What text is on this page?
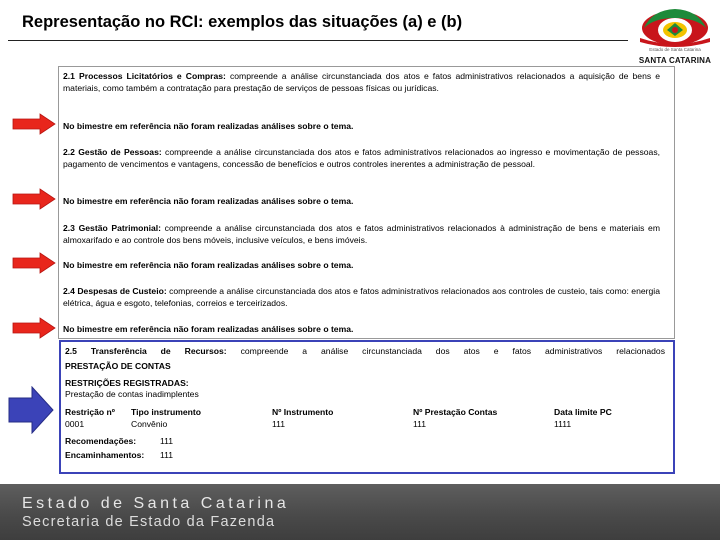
Representação no RCI: exemplos das situações (a) e (b)
Estado de Santa Catarina
SANTA CATARINA
2.1 Processos Licitatórios e Compras: compreende a análise circunstanciada dos atos e fatos administrativos relacionados a aquisição de bens e materiais, como também a contratação para prestação de serviços de pessoas físicas ou jurídicas.
No bimestre em referência não foram realizadas análises sobre o tema.
2.2 Gestão de Pessoas: compreende a análise circunstanciada dos atos e fatos administrativos relacionados ao ingresso e movimentação de pessoas, pagamento de vencimentos e vantagens, concessão de benefícios e outros controles inerentes a administração de pessoal.
No bimestre em referência não foram realizadas análises sobre o tema.
2.3 Gestão Patrimonial: compreende a análise circunstanciada dos atos e fatos administrativos relacionados à administração de bens e materiais em almoxarifado e ao controle dos bens móveis, inclusive veículos, e bens imóveis.
No bimestre em referência não foram realizadas análises sobre o tema.
2.4 Despesas de Custeio: compreende a análise circunstanciada dos atos e fatos administrativos relacionados aos controles de custeio, tais como: energia elétrica, água e esgoto, telefonias, correios e terceirizados.
No bimestre em referência não foram realizadas análises sobre o tema.
2.5 Transferência de Recursos: compreende a análise circunstanciada dos atos e fatos administrativos relacionados
PRESTAÇÃO DE CONTAS
RESTRIÇÕES REGISTRADAS:
Prestação de contas inadimplentes
Restrição nº Tipo instrumento	Nº Instrumento	Nº Prestação Contas	Data limite PC
0001	Convênio	111	111	1111
Recomendações:	111
Encaminhamentos: 111
Estado de Santa Catarina
Secretaria de Estado da Fazenda
